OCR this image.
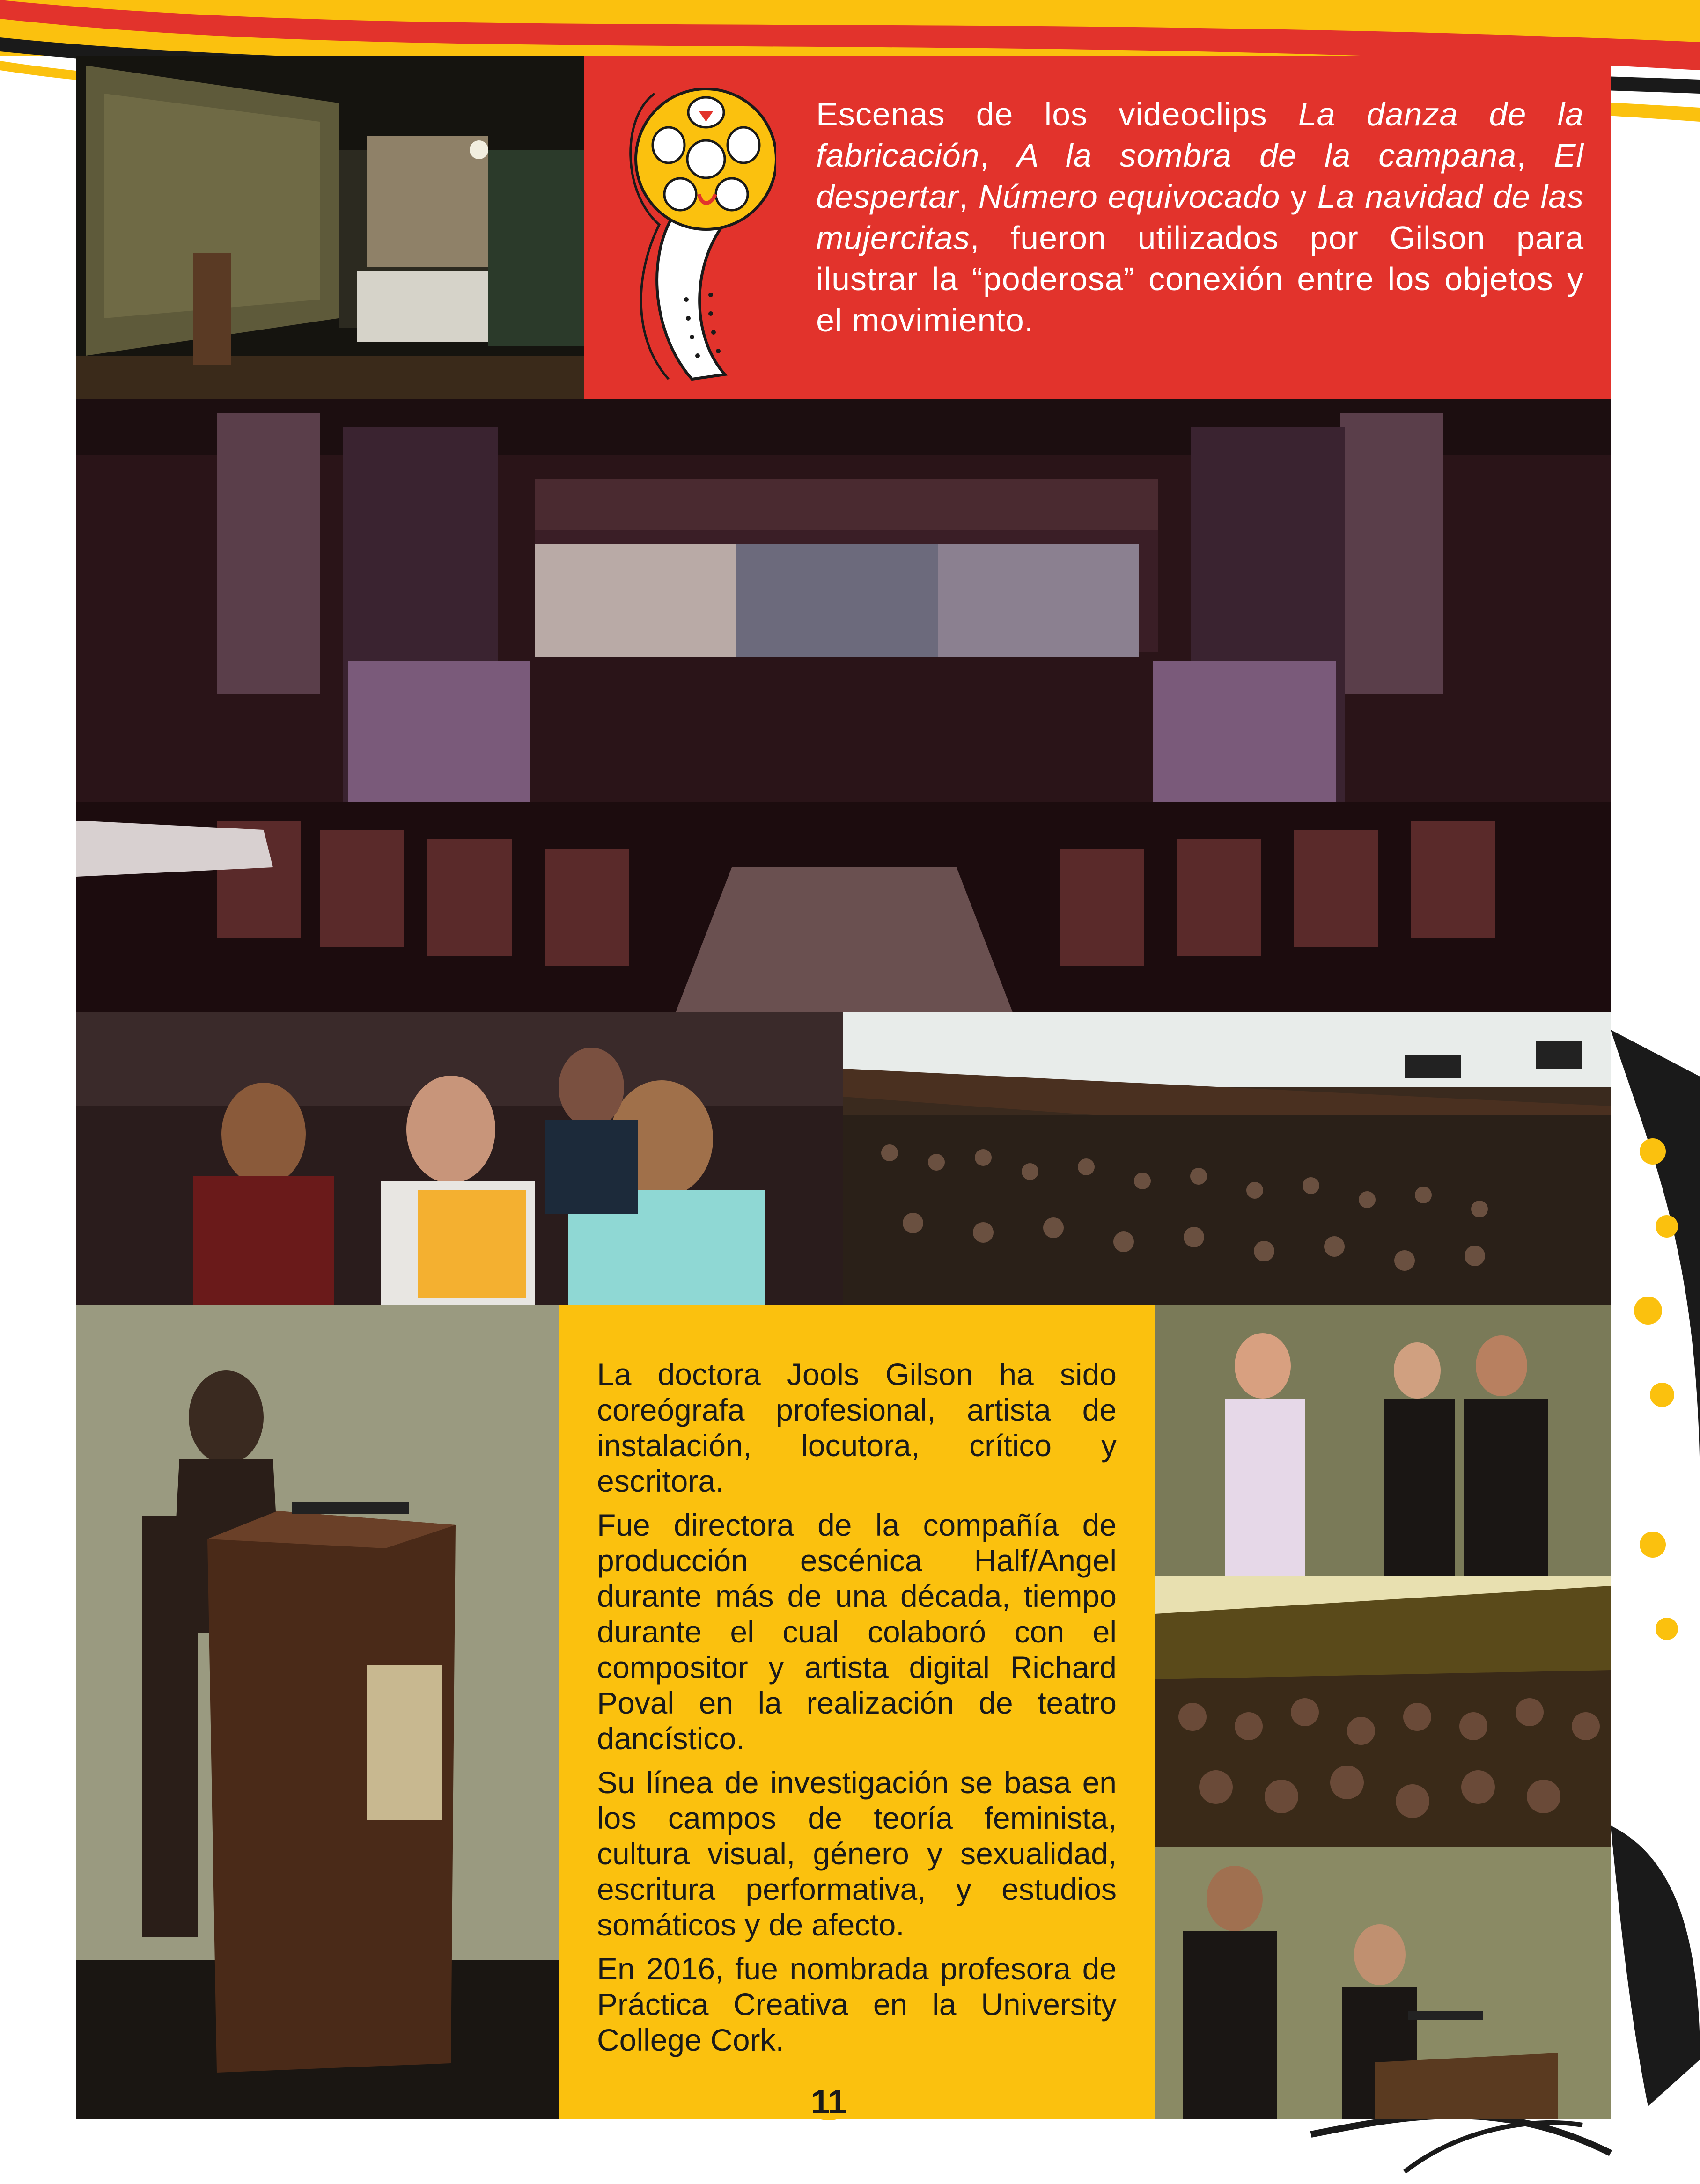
Escenas de los videoclips La danza de la fabricación, A la sombra de la campana, El despertar, Número equivocado y La navidad de las mujercitas, fueron utilizados por Gilson para ilustrar la “poderosa” conexión entre los objetos y el movimiento.

La doctora Jools Gilson ha sido coreógrafa profesional, artista de instalación, locutora, crítico y escritora.

Fue directora de la compañía de producción escénica Half/Angel durante más de una década, tiempo durante el cual colaboró con el compositor y artista digital Richard Poval en la realización de teatro dancístico.

Su línea de investigación se basa en los campos de teoría feminista, cultura visual, género y sexualidad, escritura performativa, y estudios somáticos y de afecto.

En 2016, fue nombrada profesora de Práctica Creativa en la University College Cork.

11
